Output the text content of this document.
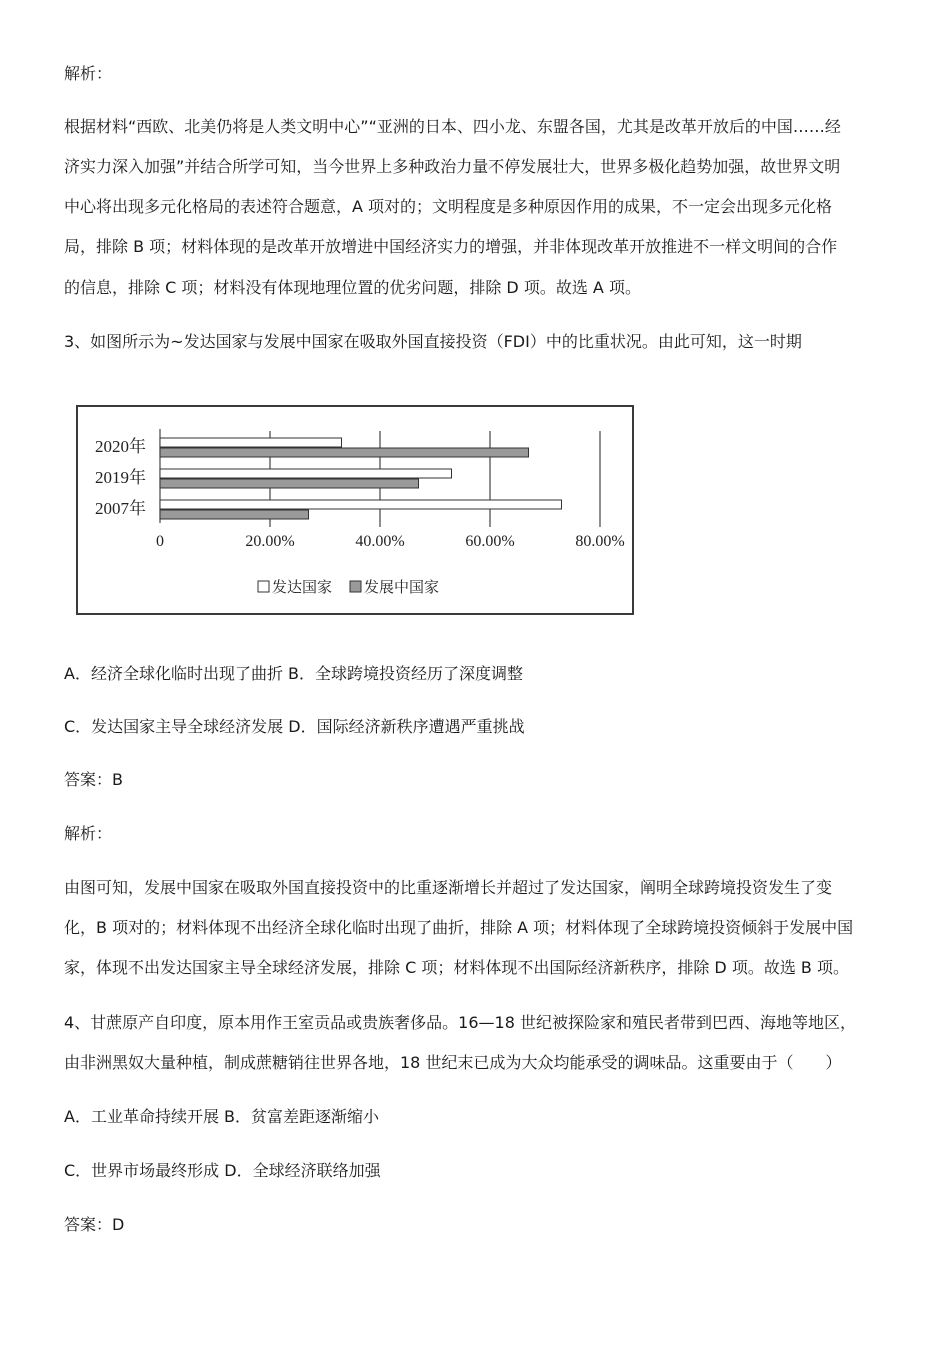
解析：
根据材料“西欧、北美仍将是人类文明中心”“亚洲的日本、四小龙、东盟各国，尤其是改革开放后的中国……经
济实力深入加强”并结合所学可知，当今世界上多种政治力量不停发展壮大，世界多极化趋势加强，故世界文明
中心将出现多元化格局的表述符合题意，A 项对的；文明程度是多种原因作用的成果，不一定会出现多元化格
局，排除 B 项；材料体现的是改革开放增进中国经济实力的增强，并非体现改革开放推进不一样文明间的合作
的信息，排除 C 项；材料没有体现地理位置的优劣问题，排除 D 项。故选 A 项。
3、如图所示为~发达国家与发展中国家在吸取外国直接投资（FDI）中的比重状况。由此可知，这一时期
2020年
2019年
2007年
0	20.00%	40.00%	60.00%	80.00%
发达国家 发展中国家
A．经济全球化临时出现了曲折 B．全球跨境投资经历了深度调整
C．发达国家主导全球经济发展 D．国际经济新秩序遭遇严重挑战
答案：B
解析：
由图可知，发展中国家在吸取外国直接投资中的比重逐渐增长并超过了发达国家，阐明全球跨境投资发生了变
化，B 项对的；材料体现不出经济全球化临时出现了曲折，排除 A 项；材料体现了全球跨境投资倾斜于发展中国
家，体现不出发达国家主导全球经济发展，排除 C 项；材料体现不出国际经济新秩序，排除 D 项。故选 B 项。
4、甘蔗原产自印度，原本用作王室贡品或贵族奢侈品。16—18 世纪被探险家和殖民者带到巴西、海地等地区，
由非洲黑奴大量种植，制成蔗糖销往世界各地，18 世纪末已成为大众均能承受的调味品。这重要由于（　　）
A．工业革命持续开展 B．贫富差距逐渐缩小
C．世界市场最终形成 D．全球经济联络加强
答案：D
